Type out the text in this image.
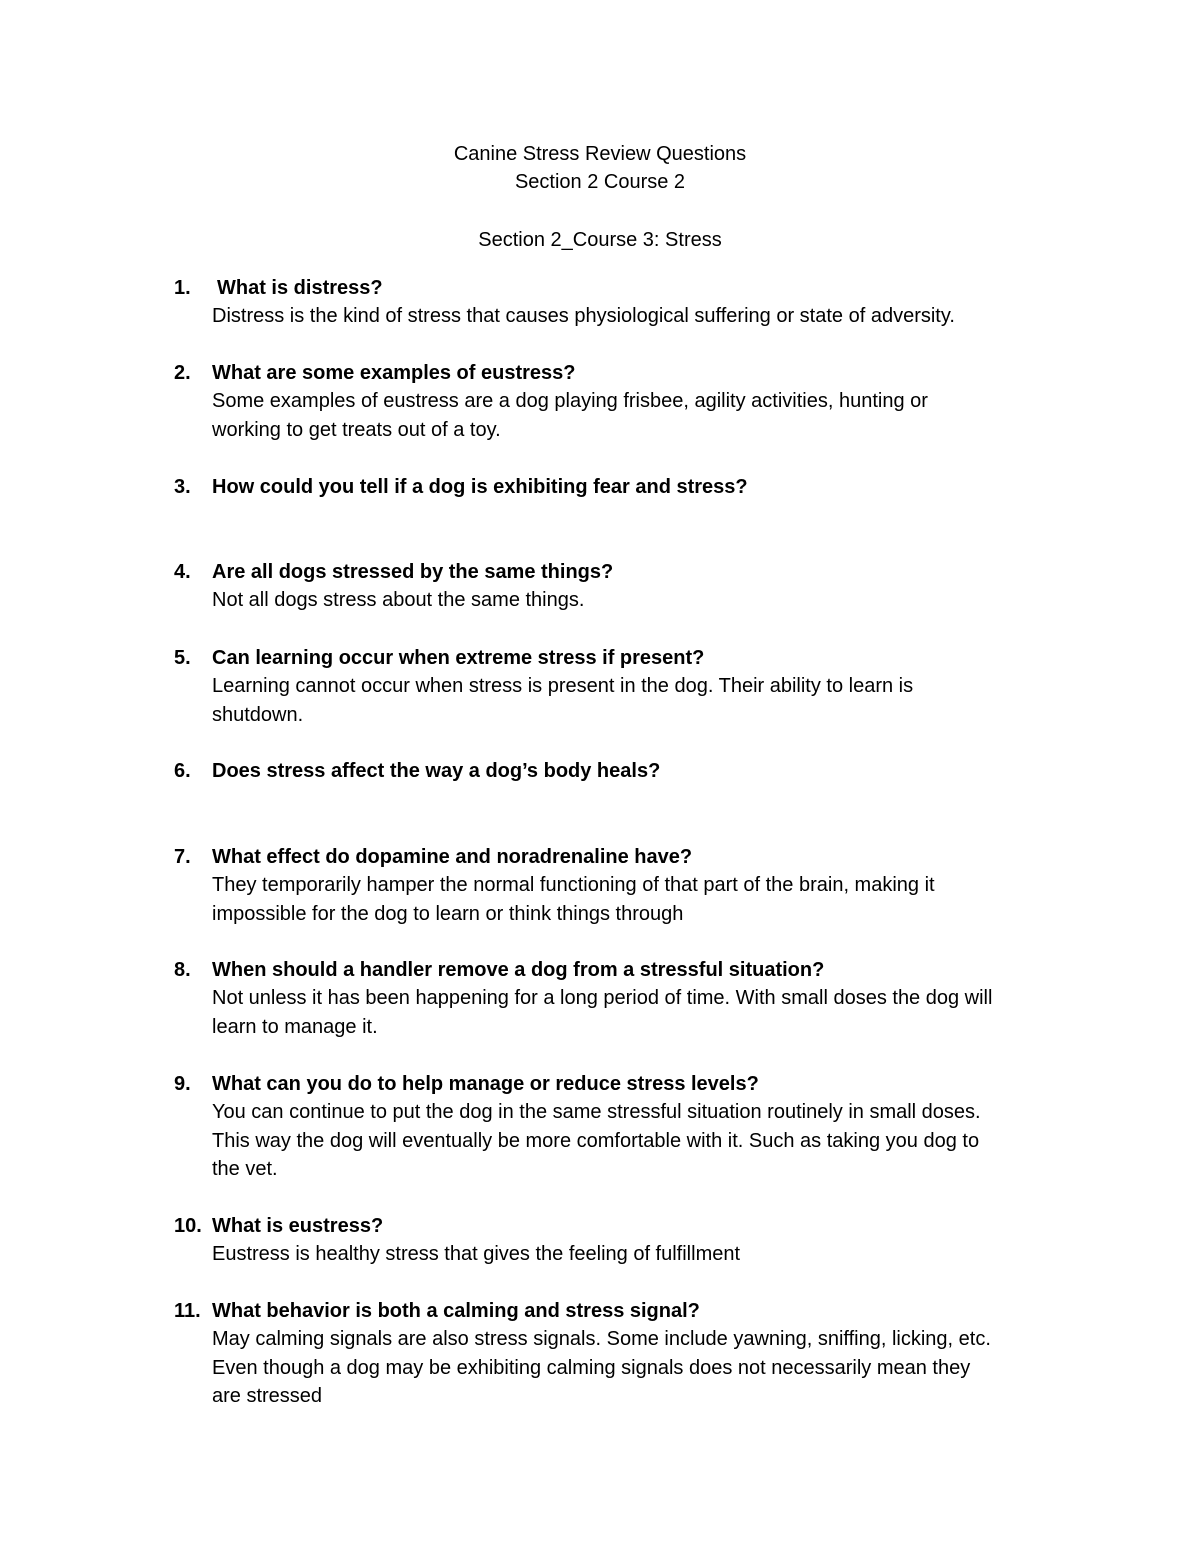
Canine Stress Review Questions
Section 2 Course 2
Section 2_Course 3: Stress
1.	What is distress?
Distress is the kind of stress that causes physiological suffering or state of adversity.
2.	What are some examples of eustress?
Some examples of eustress are a dog playing frisbee, agility activities, hunting or
working to get treats out of a toy.
3.	How could you tell if a dog is exhibiting fear and stress?
4.	Are all dogs stressed by the same things?
Not all dogs stress about the same things.
5.	Can learning occur when extreme stress if present?
Learning cannot occur when stress is present in the dog. Their ability to learn is
shutdown.
6.	Does stress affect the way a dog’s body heals?
7.	What effect do dopamine and noradrenaline have?
They temporarily hamper the normal functioning of that part of the brain, making it
impossible for the dog to learn or think things through
8.	When should a handler remove a dog from a stressful situation?
Not unless it has been happening for a long period of time. With small doses the dog will
learn to manage it.
9.	What can you do to help manage or reduce stress levels?
You can continue to put the dog in the same stressful situation routinely in small doses.
This way the dog will eventually be more comfortable with it. Such as taking you dog to
the vet.
10. What is eustress?
Eustress is healthy stress that gives the feeling of fulfillment
11. What behavior is both a calming and stress signal?
May calming signals are also stress signals. Some include yawning, sniffing, licking, etc.
Even though a dog may be exhibiting calming signals does not necessarily mean they
are stressed
